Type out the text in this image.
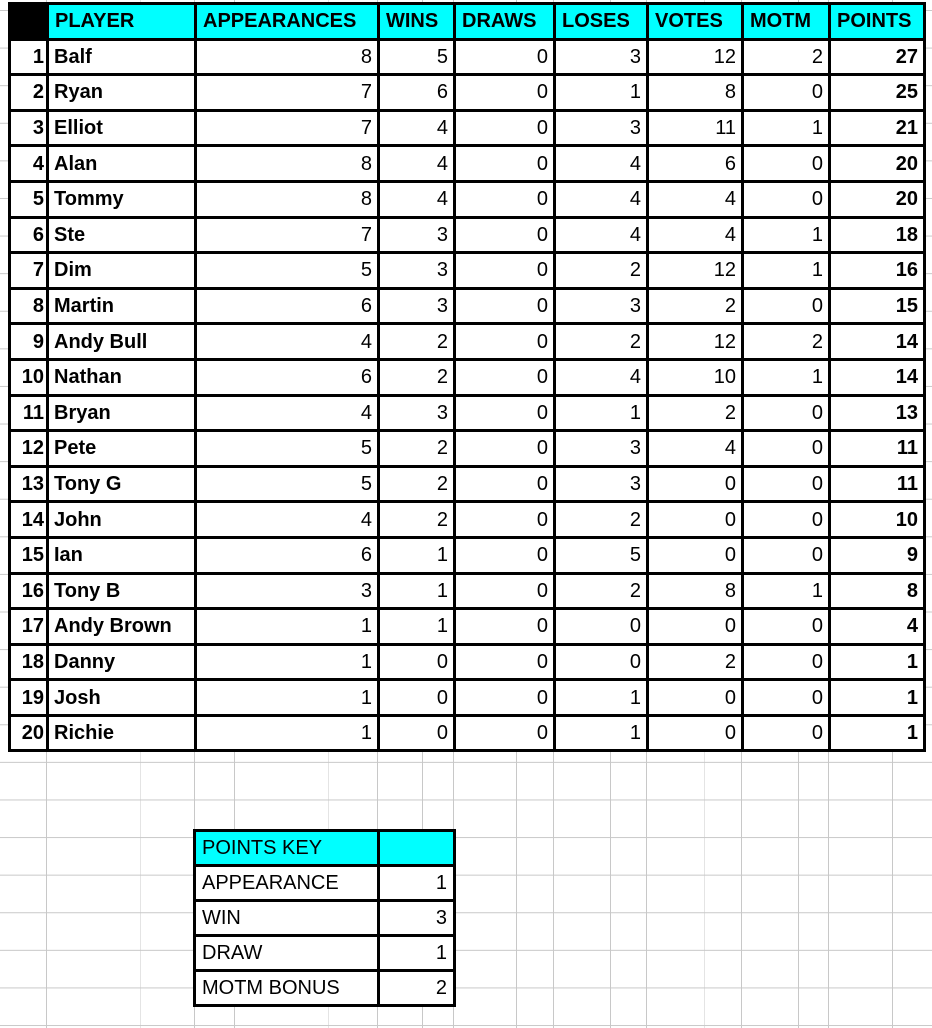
	PLAYER	APPEARANCES	WINS	DRAWS	LOSES	VOTES	MOTM	POINTS
1	Balf	8	5	0	3	12	2	27
2	Ryan	7	6	0	1	8	0	25
3	Elliot	7	4	0	3	11	1	21
4	Alan	8	4	0	4	6	0	20
5	Tommy	8	4	0	4	4	0	20
6	Ste	7	3	0	4	4	1	18
7	Dim	5	3	0	2	12	1	16
8	Martin	6	3	0	3	2	0	15
9	Andy Bull	4	2	0	2	12	2	14
10	Nathan	6	2	0	4	10	1	14
11	Bryan	4	3	0	1	2	0	13
12	Pete	5	2	0	3	4	0	11
13	Tony G	5	2	0	3	0	0	11
14	John	4	2	0	2	0	0	10
15	Ian	6	1	0	5	0	0	9
16	Tony B	3	1	0	2	8	1	8
17	Andy Brown	1	1	0	0	0	0	4
18	Danny	1	0	0	0	2	0	1
19	Josh	1	0	0	1	0	0	1
20	Richie	1	0	0	1	0	0	1
POINTS KEY	
APPEARANCE	1
WIN	3
DRAW	1
MOTM BONUS	2
